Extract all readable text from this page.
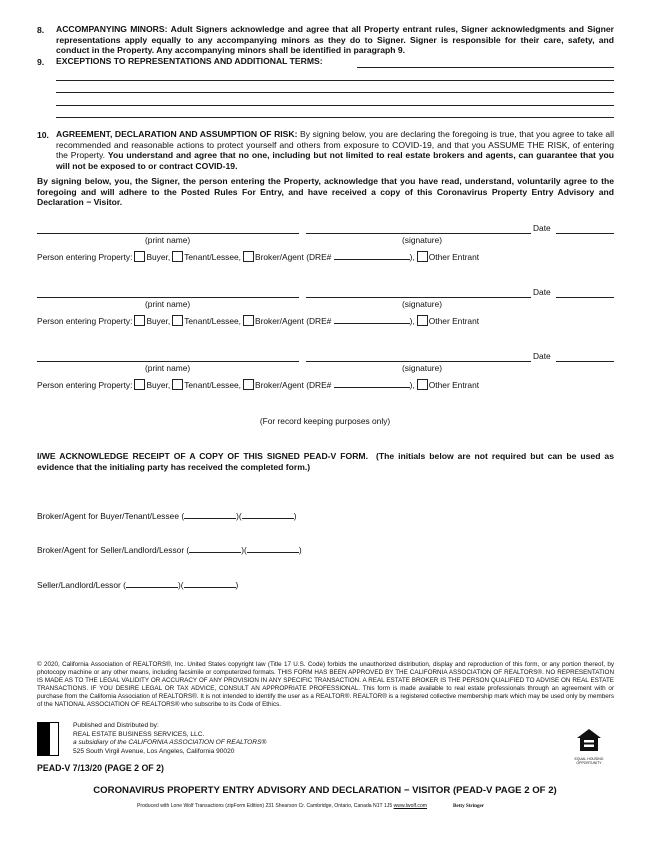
8. ACCOMPANYING MINORS: Adult Signers acknowledge and agree that all Property entrant rules, Signer acknowledgments and Signer representations apply equally to any accompanying minors as they do to Signer. Signer is responsible for their care, safety, and conduct in the Property. Any accompanying minors shall be identified in paragraph 9.
9. EXCEPTIONS TO REPRESENTATIONS AND ADDITIONAL TERMS:
10. AGREEMENT, DECLARATION AND ASSUMPTION OF RISK: By signing below, you are declaring the foregoing is true, that you agree to take all recommended and reasonable actions to protect yourself and others from exposure to COVID-19, and that you ASSUME THE RISK, of entering the Property. You understand and agree that no one, including but not limited to real estate brokers and agents, can guarantee that you will not be exposed to or contract COVID-19.
By signing below, you, the Signer, the person entering the Property, acknowledge that you have read, understand, voluntarily agree to the foregoing and will adhere to the Posted Rules For Entry, and have received a copy of this Coronavirus Property Entry Advisory and Declaration − Visitor.
Date
(print name)	(signature)
Person entering Property: Buyer, Tenant/Lessee, Broker/Agent (DRE#	), Other Entrant
Date
(print name)	(signature)
Person entering Property: Buyer, Tenant/Lessee, Broker/Agent (DRE#	), Other Entrant
Date
(print name)	(signature)
Person entering Property: Buyer, Tenant/Lessee, Broker/Agent (DRE#	), Other Entrant
(For record keeping purposes only)
I/WE ACKNOWLEDGE RECEIPT OF A COPY OF THIS SIGNED PEAD-V FORM. (The initials below are not required but can be used as evidence that the initialing party has received the completed form.)
Broker/Agent for Buyer/Tenant/Lessee (	)(	)
Broker/Agent for Seller/Landlord/Lessor (	)(	)
Seller/Landlord/Lessor (	)(	)
© 2020, California Association of REALTORS®, Inc. United States copyright law (Title 17 U.S. Code) forbids the unauthorized distribution, display and reproduction of this form, or any portion thereof, by photocopy machine or any other means, including facsimile or computerized formats. THIS FORM HAS BEEN APPROVED BY THE CALIFORNIA ASSOCIATION OF REALTORS®. NO REPRESENTATION IS MADE AS TO THE LEGAL VALIDITY OR ACCURACY OF ANY PROVISION IN ANY SPECIFIC TRANSACTION. A REAL ESTATE BROKER IS THE PERSON QUALIFIED TO ADVISE ON REAL ESTATE TRANSACTIONS. IF YOU DESIRE LEGAL OR TAX ADVICE, CONSULT AN APPROPRIATE PROFESSIONAL. This form is made available to real estate professionals through an agreement with or purchase from the California Association of REALTORS®. It is not intended to identify the user as a REALTOR®. REALTOR® is a registered collective membership mark which may be used only by members of the NATIONAL ASSOCIATION OF REALTORS® who subscribe to its Code of Ethics.
Published and Distributed by:
REAL ESTATE BUSINESS SERVICES, LLC.
a subsidiary of the CALIFORNIA ASSOCIATION OF REALTORS®
525 South Virgil Avenue, Los Angeles, California 90020
EQUAL HOUSING OPPORTUNITY
PEAD-V 7/13/20 (PAGE 2 OF 2)
CORONAVIRUS PROPERTY ENTRY ADVISORY AND DECLARATION − VISITOR (PEAD-V PAGE 2 OF 2)
Produced with Lone Wolf Transactions (zipForm Edition) 231 Shearson Cr. Cambridge, Ontario, Canada N1T 1J5 www.lwolf.com	Betty Stringer
